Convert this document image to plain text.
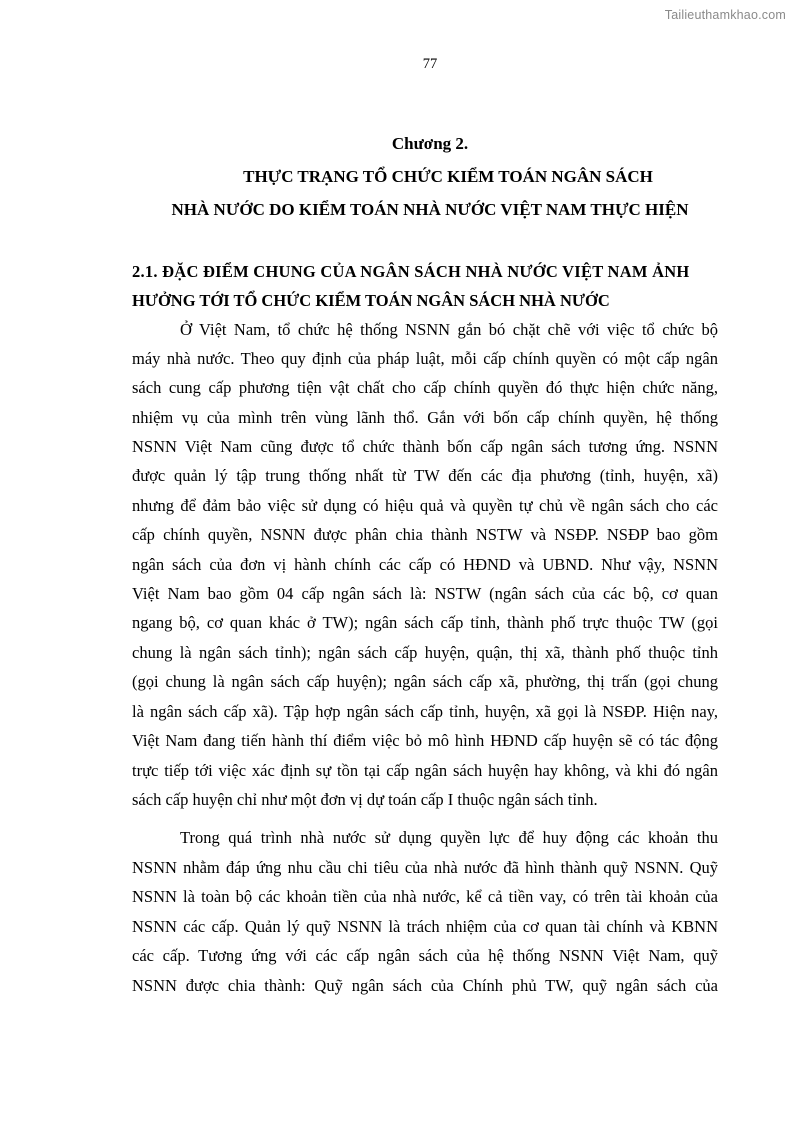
Tailieuthamkhao.com
77
Chương 2.
THỰC TRẠNG TỔ CHỨC KIỂM TOÁN NGÂN SÁCH
NHÀ NƯỚC DO KIỂM TOÁN NHÀ NƯỚC VIỆT NAM THỰC HIỆN
2.1. ĐẶC ĐIỂM CHUNG CỦA NGÂN SÁCH NHÀ NƯỚC VIỆT NAM ẢNH
HƯỞNG TỚI TỔ CHỨC KIỂM TOÁN NGÂN SÁCH NHÀ NƯỚC
Ở Việt Nam, tổ chức hệ thống NSNN gắn bó chặt chẽ với việc tổ chức bộ
máy nhà nước. Theo quy định của pháp luật, mỗi cấp chính quyền có một cấp ngân
sách cung cấp phương tiện vật chất cho cấp chính quyền đó thực hiện chức năng,
nhiệm vụ của mình trên vùng lãnh thổ. Gắn với bốn cấp chính quyền, hệ thống
NSNN Việt Nam cũng được tổ chức thành bốn cấp ngân sách tương ứng. NSNN
được quản lý tập trung thống nhất từ TW đến các địa phương (tỉnh, huyện, xã)
nhưng để đảm bảo việc sử dụng có hiệu quả và quyền tự chủ về ngân sách cho các
cấp chính quyền, NSNN được phân chia thành NSTW và NSĐP. NSĐP bao gồm
ngân sách của đơn vị hành chính các cấp có HĐND và UBND. Như vậy, NSNN
Việt Nam bao gồm 04 cấp ngân sách là: NSTW (ngân sách của các bộ, cơ quan
ngang bộ, cơ quan khác ở TW); ngân sách cấp tỉnh, thành phố trực thuộc TW (gọi
chung là ngân sách tỉnh); ngân sách cấp huyện, quận, thị xã, thành phố thuộc tỉnh
(gọi chung là ngân sách cấp huyện); ngân sách cấp xã, phường, thị trấn (gọi chung
là ngân sách cấp xã). Tập hợp ngân sách cấp tỉnh, huyện, xã gọi là NSĐP. Hiện nay,
Việt Nam đang tiến hành thí điểm việc bỏ mô hình HĐND cấp huyện sẽ có tác động
trực tiếp tới việc xác định sự tồn tại cấp ngân sách huyện hay không, và khi đó ngân
sách cấp huyện chỉ như một đơn vị dự toán cấp I thuộc ngân sách tỉnh.
Trong quá trình nhà nước sử dụng quyền lực để huy động các khoản thu
NSNN nhằm đáp ứng nhu cầu chi tiêu của nhà nước đã hình thành quỹ NSNN. Quỹ
NSNN là toàn bộ các khoản tiền của nhà nước, kể cả tiền vay, có trên tài khoản của
NSNN các cấp. Quản lý quỹ NSNN là trách nhiệm của cơ quan tài chính và KBNN
các cấp. Tương ứng với các cấp ngân sách của hệ thống NSNN Việt Nam, quỹ
NSNN được chia thành: Quỹ ngân sách của Chính phủ TW, quỹ ngân sách của
